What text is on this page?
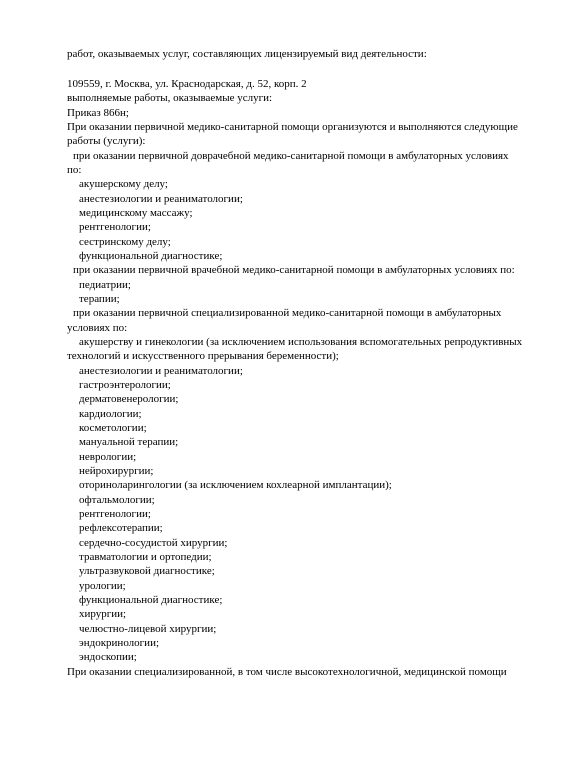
работ, оказываемых услуг, составляющих лицензируемый вид деятельности:
109559, г. Москва, ул. Краснодарская, д. 52, корп. 2
выполняемые работы, оказываемые услуги:
Приказ 866н;
При оказании первичной медико-санитарной помощи организуются и выполняются следующие
работы (услуги):
при оказании первичной доврачебной медико-санитарной помощи в амбулаторных условиях
по:
акушерскому делу;
анестезиологии и реаниматологии;
медицинскому массажу;
рентгенологии;
сестринскому делу;
функциональной диагностике;
при оказании первичной врачебной медико-санитарной помощи в амбулаторных условиях по:
педиатрии;
терапии;
при оказании первичной специализированной медико-санитарной помощи в амбулаторных
условиях по:
акушерству и гинекологии (за исключением использования вспомогательных репродуктивных
технологий и искусственного прерывания беременности);
анестезиологии и реаниматологии;
гастроэнтерологии;
дерматовенерологии;
кардиологии;
косметологии;
мануальной терапии;
неврологии;
нейрохирургии;
оториноларингологии (за исключением кохлеарной имплантации);
офтальмологии;
рентгенологии;
рефлексотерапии;
сердечно-сосудистой хирургии;
травматологии и ортопедии;
ультразвуковой диагностике;
урологии;
функциональной диагностике;
хирургии;
челюстно-лицевой хирургии;
эндокринологии;
эндоскопии;
При оказании специализированной, в том числе высокотехнологичной, медицинской помощи
